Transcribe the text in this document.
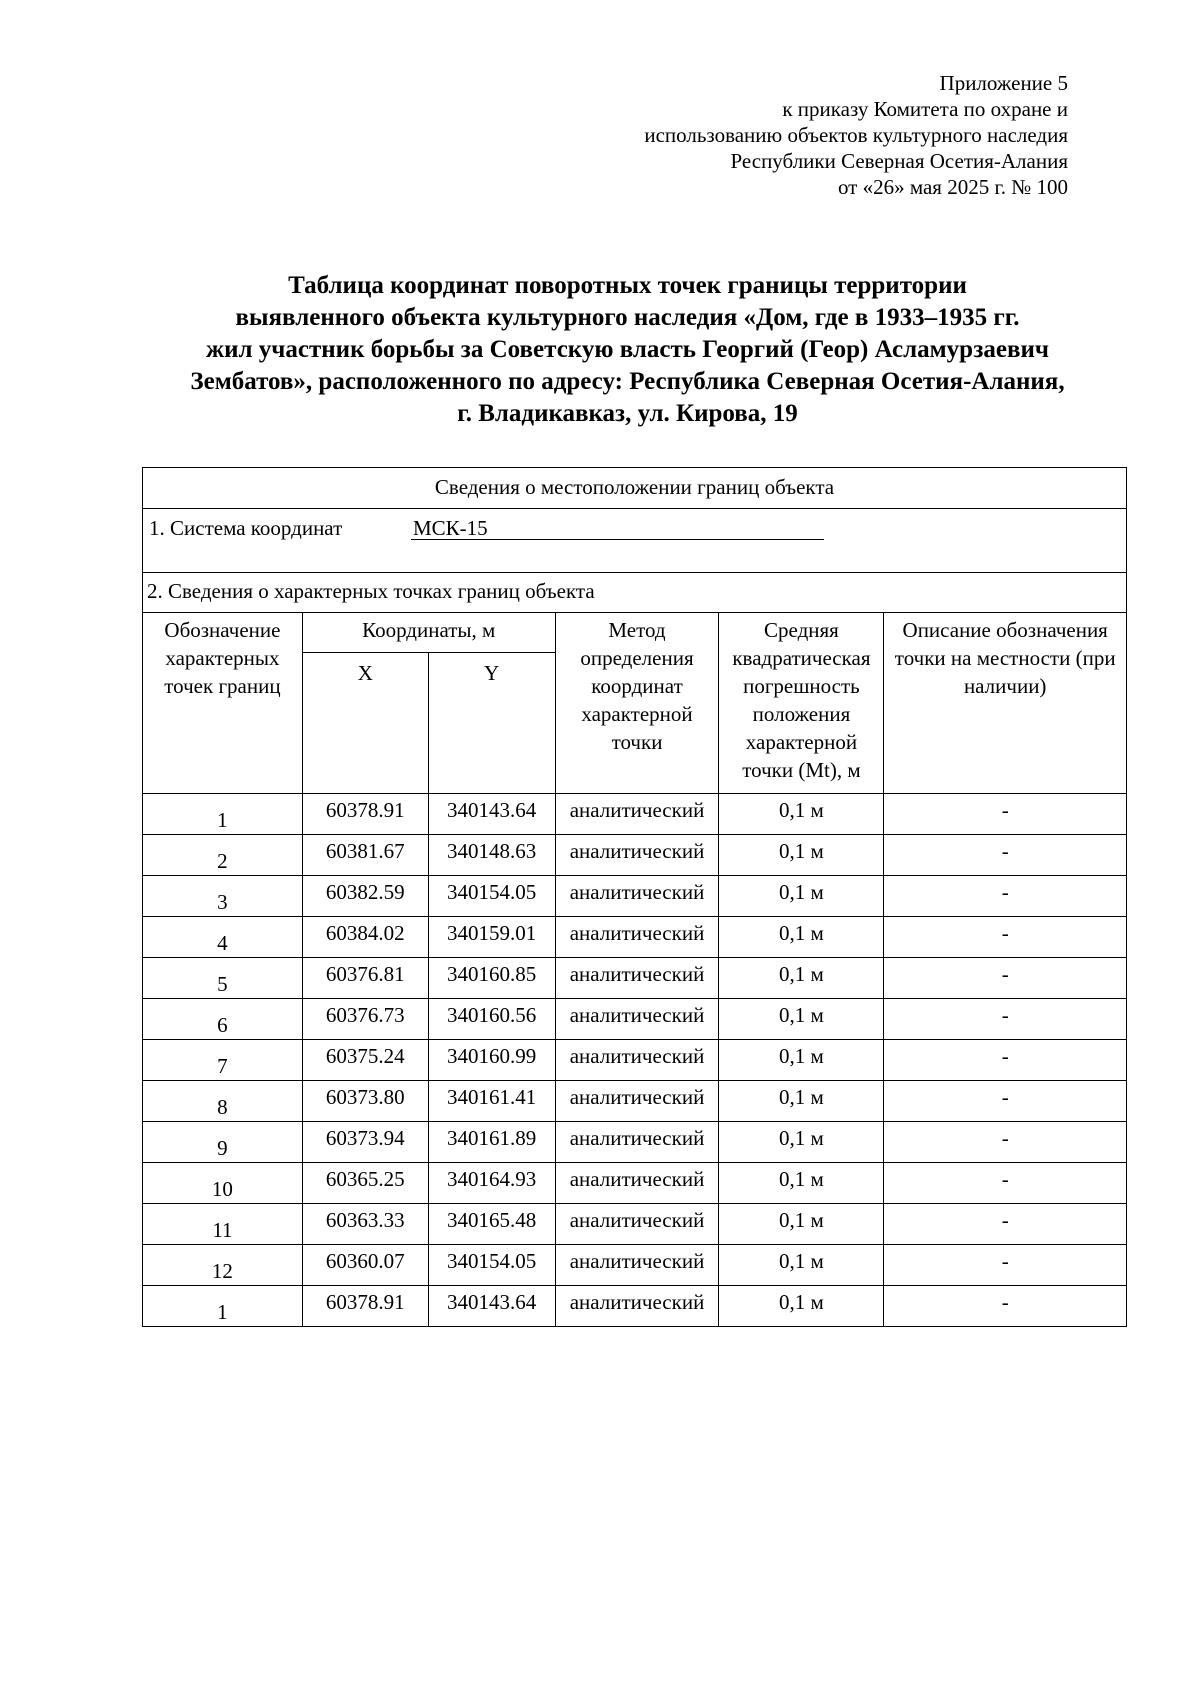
Приложение 5
к приказу Комитета по охране и
использованию объектов культурного наследия
Республики Северная Осетия-Алания
от «26» мая 2025 г. № 100
Таблица координат поворотных точек границы территории
выявленного объекта культурного наследия «Дом, где в 1933–1935 гг.
жил участник борьбы за Советскую власть Георгий (Геор) Асламурзаевич
Зембатов», расположенного по адресу: Республика Северная Осетия-Алания,
г. Владикавказ, ул. Кирова, 19
Сведения о местоположении границ объекта					
1. Система координат МСК-15					
2. Сведения о характерных точках границ объекта					
Обозначение характерных точек границ	Координаты, м		Метод определения координат характерной точки	Средняя квадратическая погрешность положения характерной точки (Mt), м	Описание обозначения точки на местности (при наличии)
	X	Y			
1	60378.91	340143.64	аналитический	0,1 м	-
2	60381.67	340148.63	аналитический	0,1 м	-
3	60382.59	340154.05	аналитический	0,1 м	-
4	60384.02	340159.01	аналитический	0,1 м	-
5	60376.81	340160.85	аналитический	0,1 м	-
6	60376.73	340160.56	аналитический	0,1 м	-
7	60375.24	340160.99	аналитический	0,1 м	-
8	60373.80	340161.41	аналитический	0,1 м	-
9	60373.94	340161.89	аналитический	0,1 м	-
10	60365.25	340164.93	аналитический	0,1 м	-
11	60363.33	340165.48	аналитический	0,1 м	-
12	60360.07	340154.05	аналитический	0,1 м	-
1	60378.91	340143.64	аналитический	0,1 м	-
